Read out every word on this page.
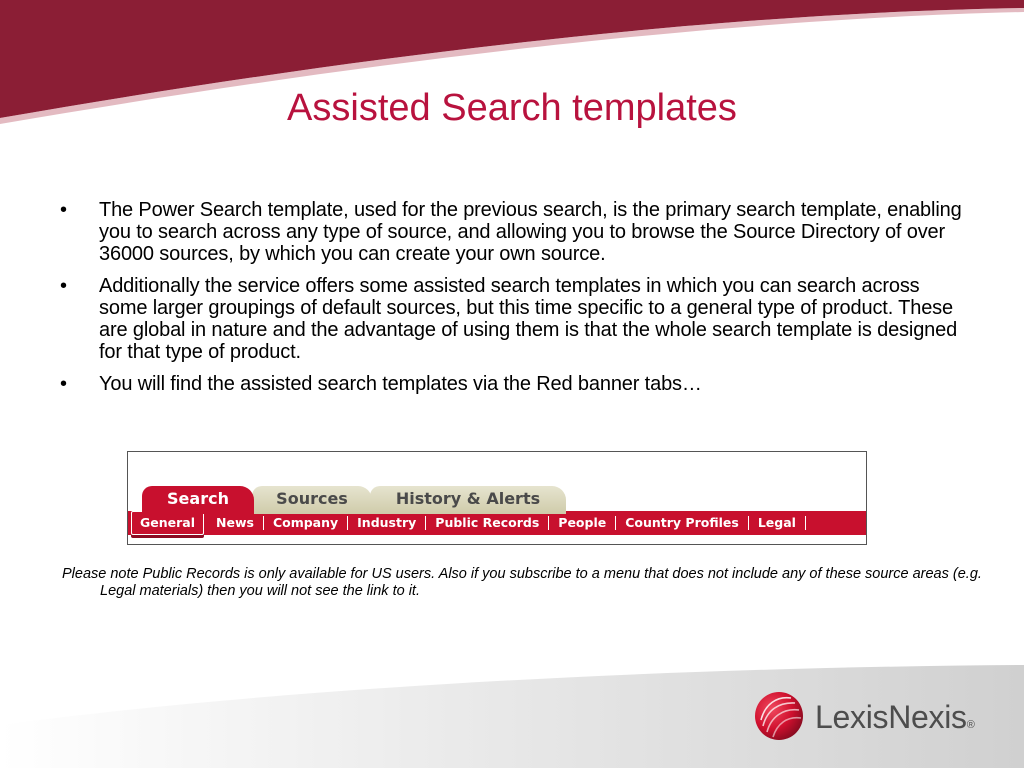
Assisted Search templates
• The Power Search template, used for the previous search, is the primary search template, enabling you to search across any type of source, and allowing you to browse the Source Directory of over 36000 sources, by which you can create your own source.
• Additionally the service offers some assisted search templates in which you can search across some larger groupings of default sources, but this time specific to a general type of product. These are global in nature and the advantage of using them is that the whole search template is designed for that type of product.
• You will find the assisted search templates via the Red banner tabs…
Search	Sources	History & Alerts
General	News	Company	Industry	Public Records	People	Country Profiles	Legal
Please note Public Records is only available for US users. Also if you subscribe to a menu that does not include any of these source areas (e.g. Legal materials) then you will not see the link to it.
LexisNexis®
